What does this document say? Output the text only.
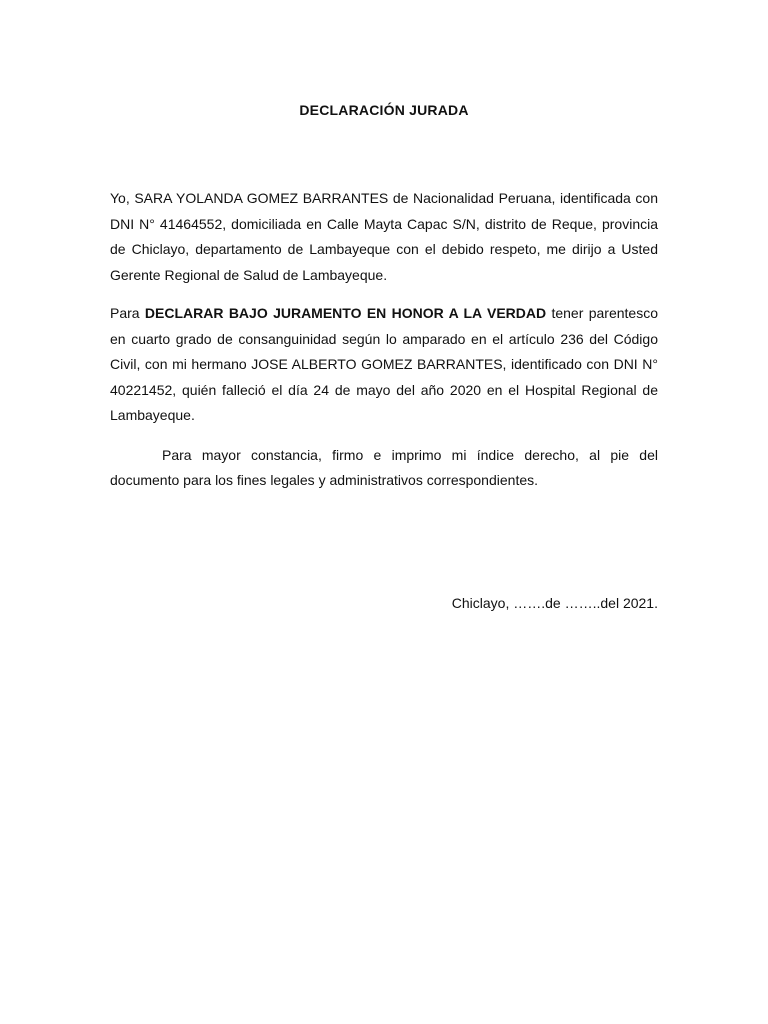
DECLARACIÓN JURADA

Yo, SARA YOLANDA GOMEZ BARRANTES de Nacionalidad Peruana, identificada con DNI N° 41464552, domiciliada en Calle Mayta Capac S/N, distrito de Reque, provincia de Chiclayo, departamento de Lambayeque con el debido respeto, me dirijo a Usted Gerente Regional de Salud de Lambayeque.

Para DECLARAR BAJO JURAMENTO EN HONOR A LA VERDAD tener parentesco en cuarto grado de consanguinidad según lo amparado en el artículo 236 del Código Civil, con mi hermano JOSE ALBERTO GOMEZ BARRANTES, identificado con DNI N° 40221452, quién falleció el día 24 de mayo del año 2020 en el Hospital Regional de Lambayeque.

Para mayor constancia, firmo e imprimo mi índice derecho, al pie del documento para los fines legales y administrativos correspondientes.

Chiclayo, …….de ……..del 2021.
